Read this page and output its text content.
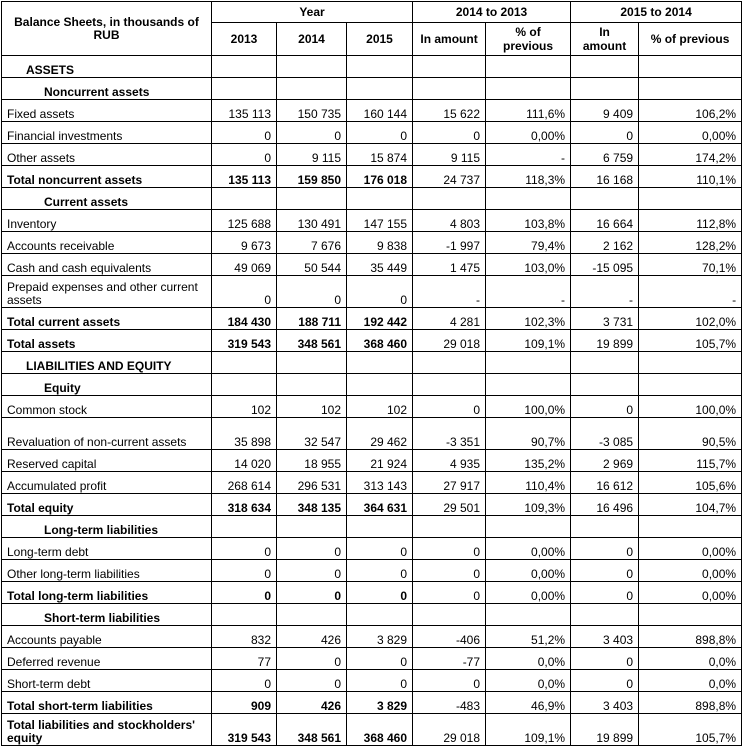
Balance Sheets, in thousands of RUB	Year			2014 to 2013		2015 to 2014	
	2013	2014	2015	In amount	% of previous	In amount	% of previous
ASSETS							
Noncurrent assets							
Fixed assets	135 113	150 735	160 144	15 622	111,6%	9 409	106,2%
Financial investments	0	0	0	0	0,00%	0	0,00%
Other assets	0	9 115	15 874	9 115	-	6 759	174,2%
Total noncurrent assets	135 113	159 850	176 018	24 737	118,3%	16 168	110,1%
Current assets							
Inventory	125 688	130 491	147 155	4 803	103,8%	16 664	112,8%
Accounts receivable	9 673	7 676	9 838	-1 997	79,4%	2 162	128,2%
Cash and cash equivalents	49 069	50 544	35 449	1 475	103,0%	-15 095	70,1%
Prepaid expenses and other current assets	0	0	0	-	-	-	-
Total current assets	184 430	188 711	192 442	4 281	102,3%	3 731	102,0%
Total assets	319 543	348 561	368 460	29 018	109,1%	19 899	105,7%
LIABILITIES AND EQUITY							
Equity							
Common stock	102	102	102	0	100,0%	0	100,0%
Revaluation of non-current assets	35 898	32 547	29 462	-3 351	90,7%	-3 085	90,5%
Reserved capital	14 020	18 955	21 924	4 935	135,2%	2 969	115,7%
Accumulated profit	268 614	296 531	313 143	27 917	110,4%	16 612	105,6%
Total equity	318 634	348 135	364 631	29 501	109,3%	16 496	104,7%
Long-term liabilities							
Long-term debt	0	0	0	0	0,00%	0	0,00%
Other long-term liabilities	0	0	0	0	0,00%	0	0,00%
Total long-term liabilities	0	0	0	0	0,00%	0	0,00%
Short-term liabilities							
Accounts payable	832	426	3 829	-406	51,2%	3 403	898,8%
Deferred revenue	77	0	0	-77	0,0%	0	0,0%
Short-term debt	0	0	0	0	0,0%	0	0,0%
Total short-term liabilities	909	426	3 829	-483	46,9%	3 403	898,8%
Total liabilities and stockholders' equity	319 543	348 561	368 460	29 018	109,1%	19 899	105,7%
